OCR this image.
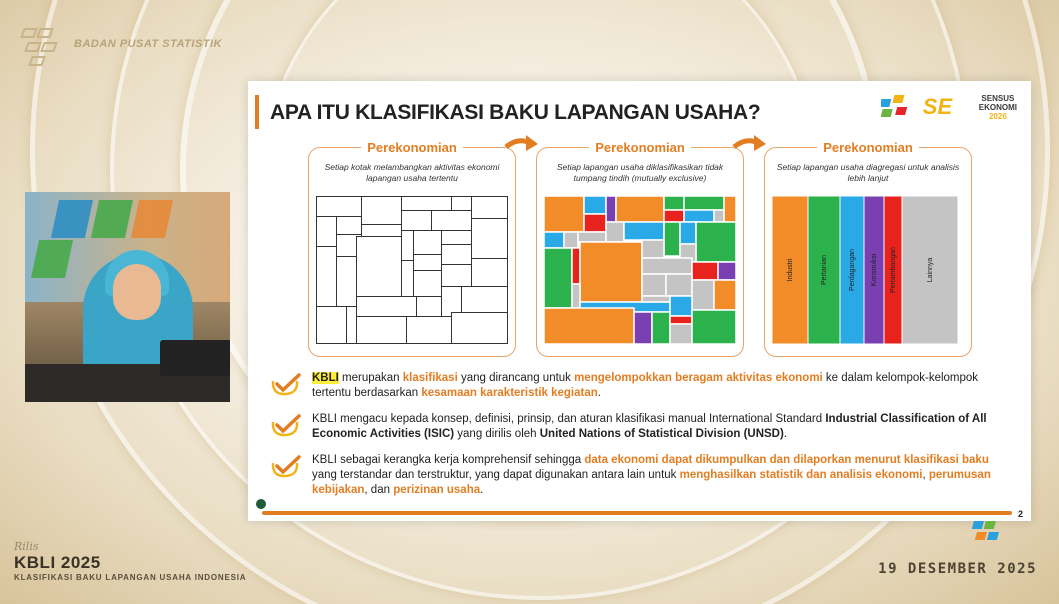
BADAN PUSAT STATISTIK
APA ITU KLASIFIKASI BAKU LAPANGAN USAHA?	SE	SENSUS
EKONOMI
2026
Perekonomian
Setiap kotak melambangkan aktivitas ekonomi lapangan usaha tertentu
Perekonomian
Setiap lapangan usaha diklasifikasikan tidak tumpang tindih (mutually exclusive)
Perekonomian
Setiap lapangan usaha diagregasi untuk analisis lebih lanjut
Industri	Pertanian	Perdagangan Konstruksi Pertambangan	Lainnya
KBLI merupakan klasifikasi yang dirancang untuk mengelompokkan beragam aktivitas ekonomi ke dalam kelompok-kelompok tertentu berdasarkan kesamaan karakteristik kegiatan.
KBLI mengacu kepada konsep, definisi, prinsip, dan aturan klasifikasi manual International Standard Industrial Classification of All Economic Activities (ISIC) yang dirilis oleh United Nations of Statistical Division (UNSD).
KBLI sebagai kerangka kerja komprehensif sehingga data ekonomi dapat dikumpulkan dan dilaporkan menurut klasifikasi baku yang terstandar dan terstruktur, yang dapat digunakan antara lain untuk menghasilkan statistik dan analisis ekonomi, perumusan kebijakan, dan perizinan usaha.
2
Rilis
KBLI 2025
KLASIFIKASI BAKU LAPANGAN USAHA INDONESIA
19 DESEMBER 2025
